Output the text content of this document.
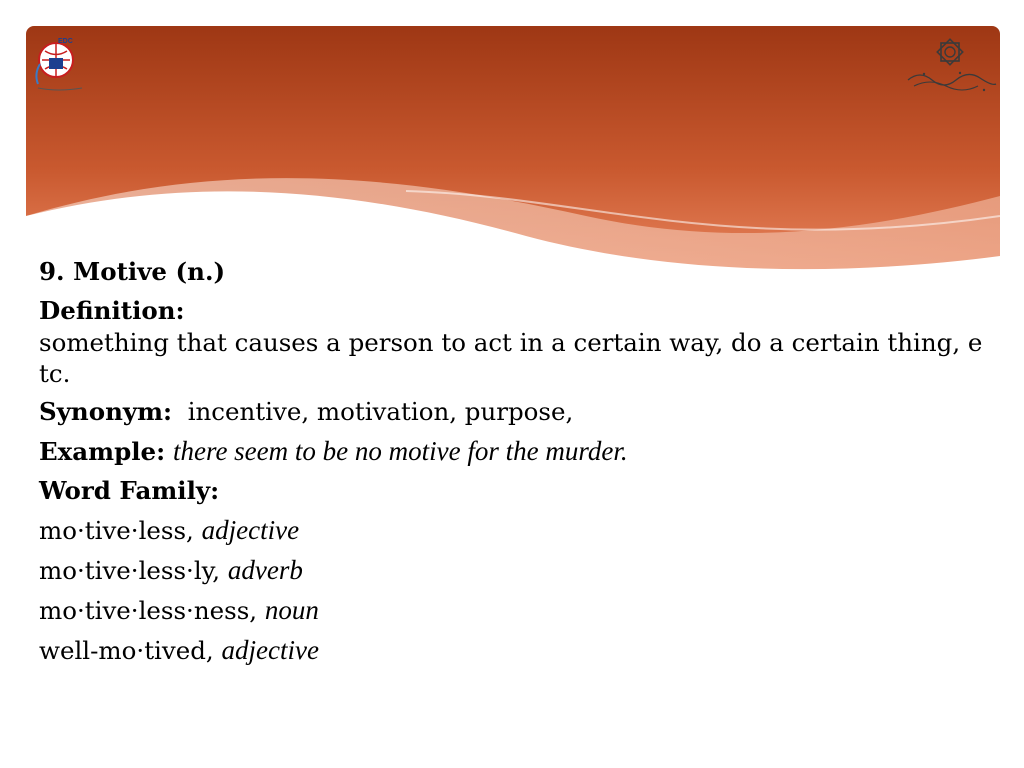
EDC
9. Motive (n.)
Definition:
something that causes a person to act in a certain way, do a certain thing, etc.
Synonym: incentive, motivation, purpose,
Example: there seem to be no motive for the murder.
Word Family:
mo·tive·less, adjective
mo·tive·less·ly, adverb
mo·tive·less·ness, noun
well-mo·tived, adjective
